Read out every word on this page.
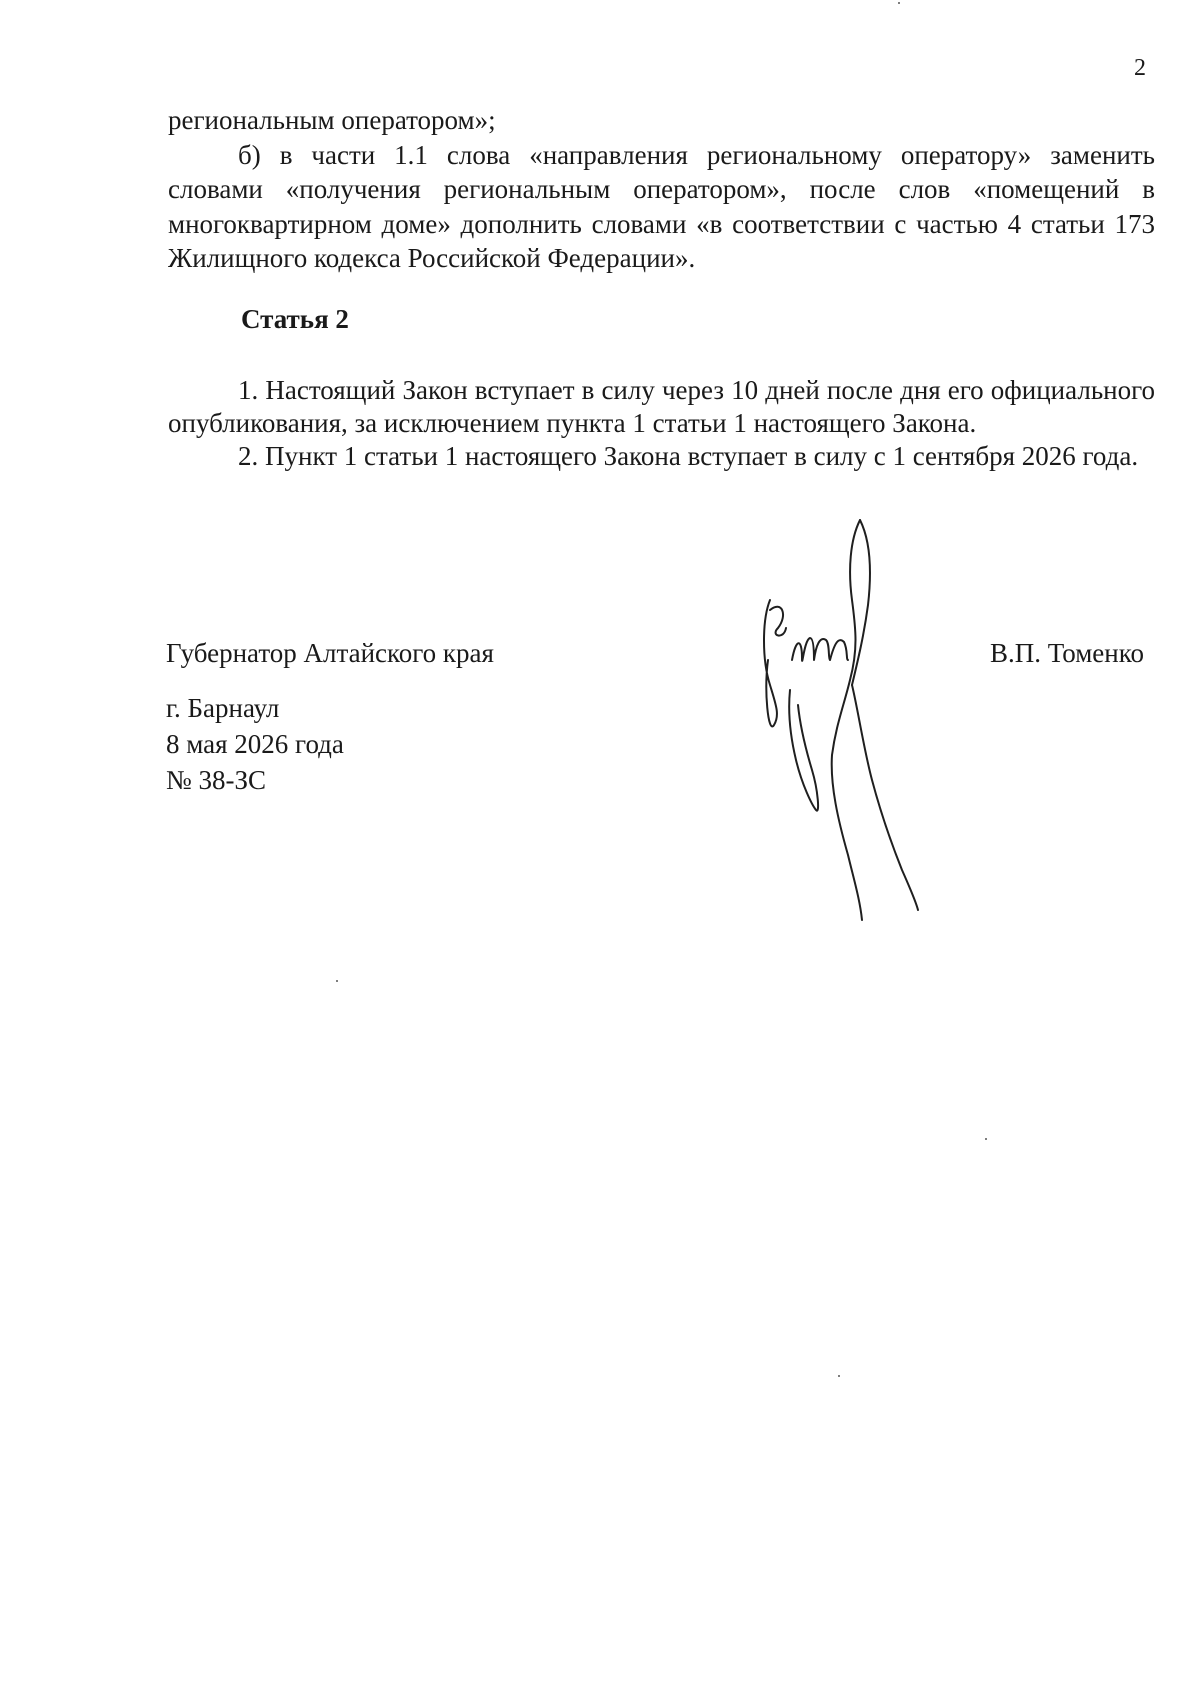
2

региональным оператором»;

б) в части 1.1 слова «направления региональному оператору» заменить словами «получения региональным оператором», после слов «помещений в многоквартирном доме» дополнить словами «в соответствии с частью 4 статьи 173 Жилищного кодекса Российской Федерации».

Статья 2

1. Настоящий Закон вступает в силу через 10 дней после дня его официального опубликования, за исключением пункта 1 статьи 1 настоящего Закона.

2. Пункт 1 статьи 1 настоящего Закона вступает в силу с 1 сентября 2026 года.

Губернатор Алтайского края	В.П. Томенко
г. Барнаул
8 мая 2026 года
№ 38-ЗС
